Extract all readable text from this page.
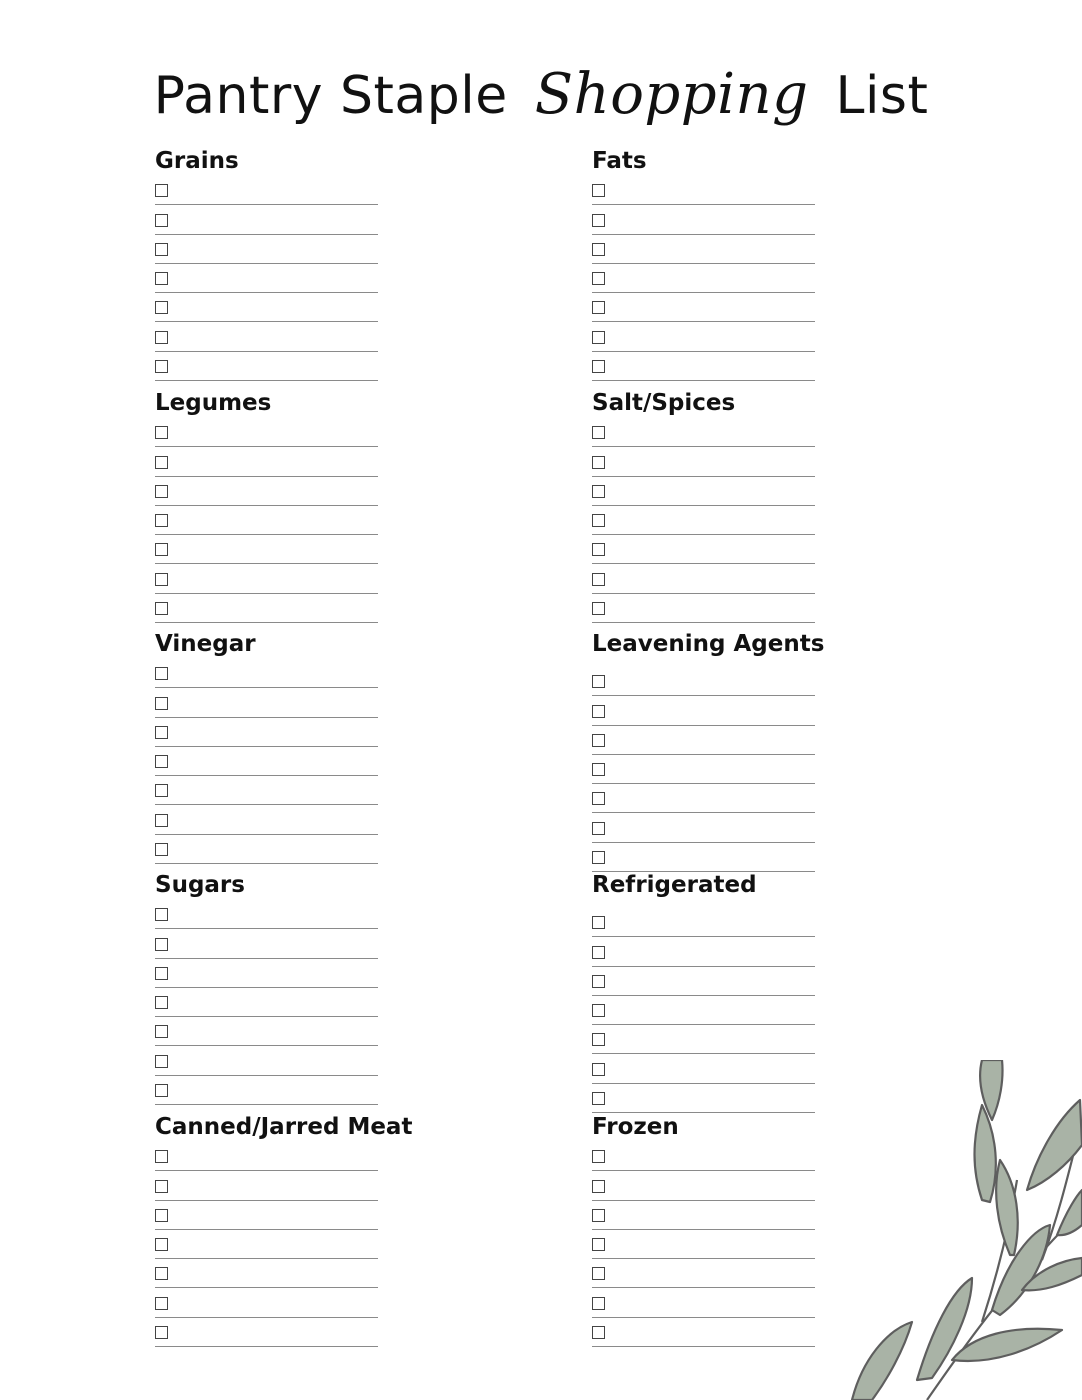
Pantry Staple Shopping List
Grains
Legumes
Vinegar
Sugars
Canned/Jarred Meat
Fats
Salt/Spices
Leavening Agents
Refrigerated
Frozen
